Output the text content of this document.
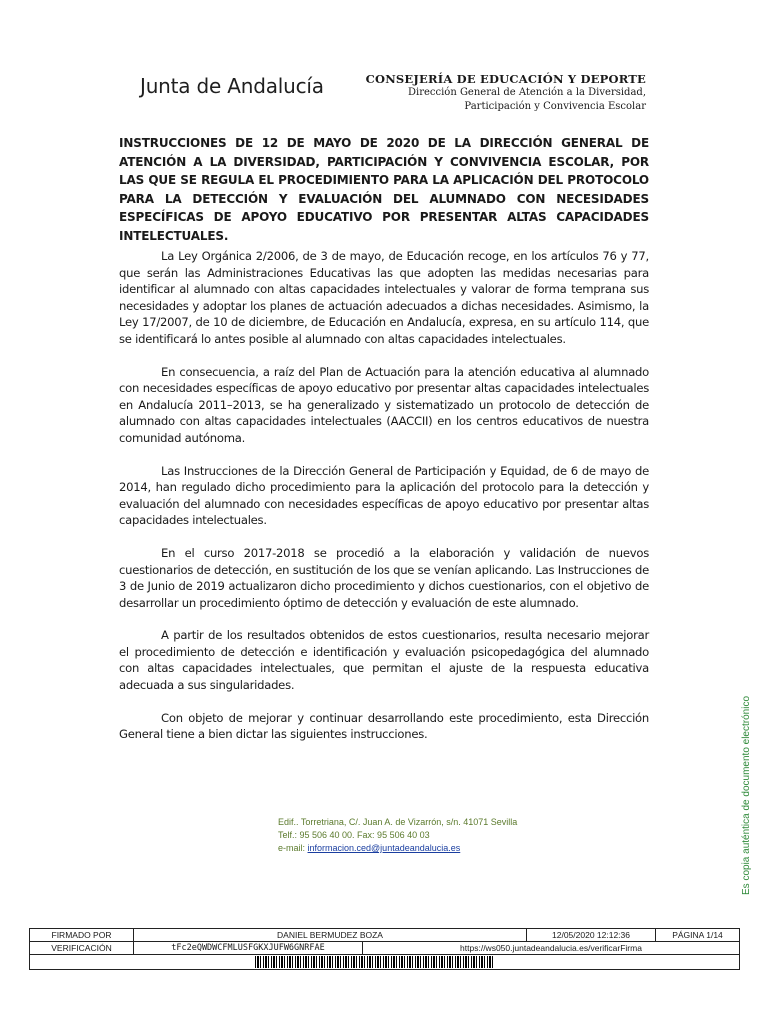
Junta de Andalucía	CONSEJERÍA DE EDUCACIÓN Y DEPORTE
Dirección General de Atención a la Diversidad,
Participación y Convivencia Escolar
INSTRUCCIONES DE 12 DE MAYO DE 2020 DE LA DIRECCIÓN GENERAL DE ATENCIÓN A LA DIVERSIDAD, PARTICIPACIÓN Y CONVIVENCIA ESCOLAR, POR LAS QUE SE REGULA EL PROCEDIMIENTO PARA LA APLICACIÓN DEL PROTOCOLO PARA LA DETECCIÓN Y EVALUACIÓN DEL ALUMNADO CON NECESIDADES ESPECÍFICAS DE APOYO EDUCATIVO POR PRESENTAR ALTAS CAPACIDADES INTELECTUALES.

La Ley Orgánica 2/2006, de 3 de mayo, de Educación recoge, en los artículos 76 y 77, que serán las Administraciones Educativas las que adopten las medidas necesarias para identificar al alumnado con altas capacidades intelectuales y valorar de forma temprana sus necesidades y adoptar los planes de actuación adecuados a dichas necesidades. Asimismo, la Ley 17/2007, de 10 de diciembre, de Educación en Andalucía, expresa, en su artículo 114, que se identificará lo antes posible al alumnado con altas capacidades intelectuales.

En consecuencia, a raíz del Plan de Actuación para la atención educativa al alumnado con necesidades específicas de apoyo educativo por presentar altas capacidades intelectuales en Andalucía 2011–2013, se ha generalizado y sistematizado un protocolo de detección de alumnado con altas capacidades intelectuales (AACCII) en los centros educativos de nuestra comunidad autónoma.

Las Instrucciones de la Dirección General de Participación y Equidad, de 6 de mayo de 2014, han regulado dicho procedimiento para la aplicación del protocolo para la detección y evaluación del alumnado con necesidades específicas de apoyo educativo por presentar altas capacidades intelectuales.

En el curso 2017-2018 se procedió a la elaboración y validación de nuevos cuestionarios de detección, en sustitución de los que se venían aplicando. Las Instrucciones de 3 de Junio de 2019 actualizaron dicho procedimiento y dichos cuestionarios, con el objetivo de desarrollar un procedimiento óptimo de detección y evaluación de este alumnado.

A partir de los resultados obtenidos de estos cuestionarios, resulta necesario mejorar el procedimiento de detección e identificación y evaluación psicopedagógica del alumnado con altas capacidades intelectuales, que permitan el ajuste de la respuesta educativa adecuada a sus singularidades.

Con objeto de mejorar y continuar desarrollando este procedimiento, esta Dirección General tiene a bien dictar las siguientes instrucciones.

Edif.. Torretriana, C/. Juan A. de Vizarrón, s/n. 41071 Sevilla
Telf.: 95 506 40 00. Fax: 95 506 40 03
e-mail: informacion.ced@juntadeandalucia.es	Es copia auténtica de documento electrónico
FIRMADO POR	DANIEL BERMUDEZ BOZA		12/05/2020 12:12:36	PÁGINA 1/14
VERIFICACIÓN	tFc2eQWDWCFMLUSFGKXJUFW6GNRFAE	https://ws050.juntadeandalucia.es/verificarFirma		
